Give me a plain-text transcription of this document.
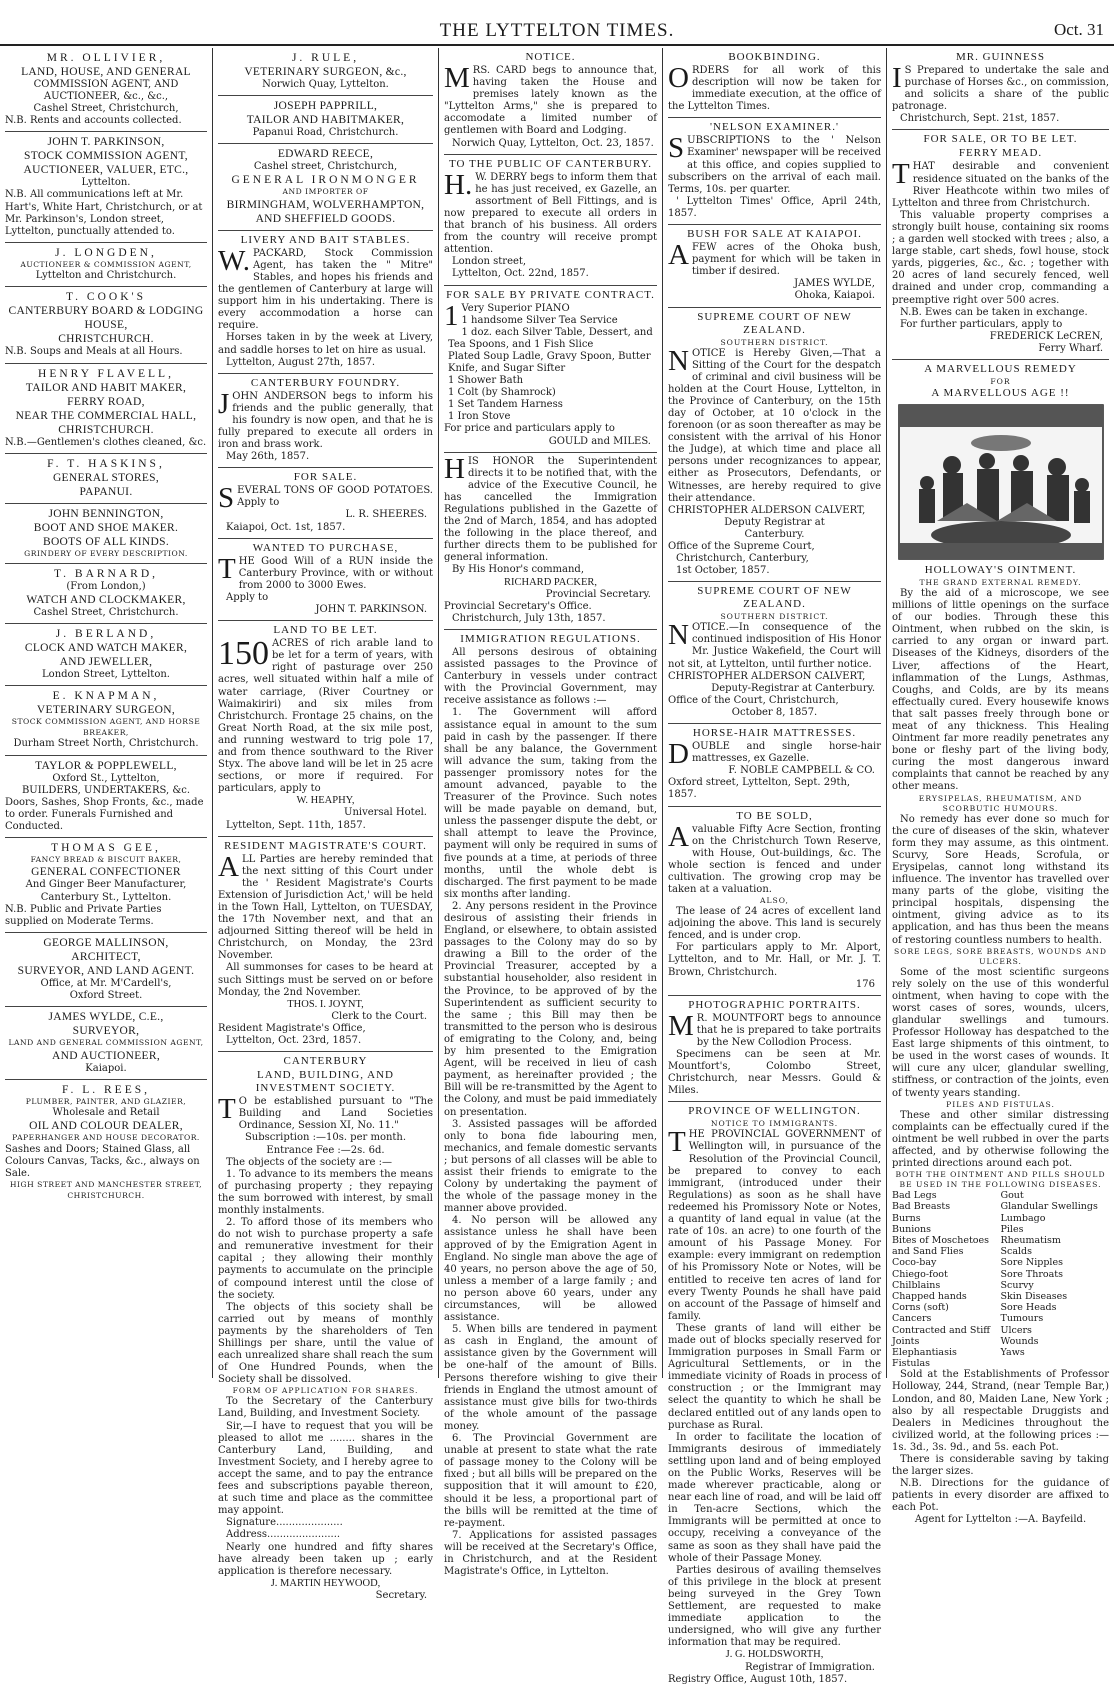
THE LYTTELTON TIMES.	Oct. 31
MR. OLLIVIER,
LAND, HOUSE, AND GENERAL
COMMISSION AGENT, AND AUCTIONEER, &c., &c.,
Cashel Street, Christchurch,
N.B. Rents and accounts collected.
JOHN T. PARKINSON,
STOCK COMMISSION AGENT,
AUCTIONEER, VALUER, ETC.,
Lyttelton.
N.B. All communications left at Mr. Hart's, White Hart, Christchurch, or at Mr. Parkinson's, London street, Lyttelton, punctually attended to.
J. LONGDEN,
AUCTIONEER & COMMISSION AGENT,
Lyttelton and Christchurch.
T. COOK'S
CANTERBURY BOARD & LODGING
HOUSE,
CHRISTCHURCH.
N.B. Soups and Meals at all Hours.
HENRY FLAVELL,
TAILOR AND HABIT MAKER,
FERRY ROAD,
NEAR THE COMMERCIAL HALL,
CHRISTCHURCH.
N.B.—Gentlemen's clothes cleaned, &c.
F. T. HASKINS,
GENERAL STORES,
PAPANUI.
JOHN BENNINGTON,
BOOT AND SHOE MAKER.
BOOTS OF ALL KINDS.
GRINDERY OF EVERY DESCRIPTION.
T. BARNARD,
(From London,)
WATCH AND CLOCKMAKER,
Cashel Street, Christchurch.
J. BERLAND,
CLOCK AND WATCH MAKER,
AND JEWELLER,
London Street, Lyttelton.
E. KNAPMAN,
VETERINARY SURGEON,
STOCK COMMISSION AGENT, AND HORSE BREAKER,
Durham Street North, Christchurch.
TAYLOR & POPPLEWELL,
Oxford St., Lyttelton,
BUILDERS, UNDERTAKERS, &c.
Doors, Sashes, Shop Fronts, &c., made to order. Funerals Furnished and Conducted.
THOMAS GEE,
FANCY BREAD & BISCUIT BAKER,
GENERAL CONFECTIONER
And Ginger Beer Manufacturer,
Canterbury St., Lyttelton.
N.B. Public and Private Parties supplied on Moderate Terms.
GEORGE MALLINSON,
ARCHITECT,
SURVEYOR, AND LAND AGENT.
Office, at Mr. M'Cardell's,
Oxford Street.
JAMES WYLDE, C.E.,
SURVEYOR,
LAND AND GENERAL COMMISSION AGENT,
AND AUCTIONEER,
Kaiapoi.
F. L. REES,
PLUMBER, PAINTER, AND GLAZIER,
Wholesale and Retail
OIL AND COLOUR DEALER,
PAPERHANGER AND HOUSE DECORATOR.
Sashes and Doors; Stained Glass, all Colours Canvas, Tacks, &c., always on Sale.
HIGH STREET AND MANCHESTER STREET, CHRISTCHURCH.
J. RULE,
VETERINARY SURGEON, &c.,
Norwich Quay, Lyttelton.
JOSEPH PAPPRILL,
TAILOR AND HABITMAKER,
Papanui Road, Christchurch.
EDWARD REECE,
Cashel street, Christchurch,
GENERAL IRONMONGER
AND IMPORTER OF
BIRMINGHAM, WOLVERHAMPTON,
AND SHEFFIELD GOODS.
LIVERY AND BAIT STABLES.
W. PACKARD, Stock Commission Agent, has taken the " Mitre" Stables, and hopes his friends and the gentlemen of Canterbury at large will support him in his undertaking. There is every accommodation a horse can require.

Horses taken in by the week at Livery, and saddle horses to let on hire as usual.

Lyttelton, August 27th, 1857.

CANTERBURY FOUNDRY.
JOHN ANDERSON begs to inform his friends and the public generally, that his foundry is now open, and that he is fully prepared to execute all orders in iron and brass work.

May 26th, 1857.

FOR SALE.
SEVERAL TONS OF GOOD POTATOES. Apply to
L. R. SHEERES.

Kaiapoi, Oct. 1st, 1857.

WANTED TO PURCHASE,
THE Good Will of a RUN inside the Canterbury Province, with or without from 2000 to 3000 Ewes.

Apply to

JOHN T. PARKINSON.
LAND TO BE LET.
150 ACRES of rich arable land to be let for a term of years, with right of pasturage over 250 acres, well situated within half a mile of water carriage, (River Courtney or Waimakiriri) and six miles from Christchurch. Frontage 25 chains, on the Great North Road, at the six mile post, and running westward to trig pole 17, and from thence southward to the River Styx. The above land will be let in 25 acre sections, or more if required. For particulars, apply to
W. HEAPHY,
Universal Hotel.

Lyttelton, Sept. 11th, 1857.

RESIDENT MAGISTRATE'S COURT.
ALL Parties are hereby reminded that the next sitting of this Court under the ' Resident Magistrate's Courts Extension of Jurisdiction Act,' will be held in the Town Hall, Lyttelton, on TUESDAY, the 17th November next, and that an adjourned Sitting thereof will be held in Christchurch, on Monday, the 23rd November.

All summonses for cases to be heard at such Sittings must be served on or before Monday, the 2nd November.

THOS. I. JOYNT,
Clerk to the Court.
Resident Magistrate's Office,

Lyttelton, Oct. 23rd, 1857.

CANTERBURY
LAND, BUILDING, AND INVESTMENT SOCIETY.
T O be established pursuant to "The Building and Land Societies Ordinance, Session XI, No. 11."
Subscription :—10s. per month.
Entrance Fee :—2s. 6d.

The objects of the society are :—

1. To advance to its members the means of purchasing property ; they repaying the sum borrowed with interest, by small monthly instalments.

2. To afford those of its members who do not wish to purchase property a safe and remunerative investment for their capital ; they allowing their monthly payments to accumulate on the principle of compound interest until the close of the society.

The objects of this society shall be carried out by means of monthly payments by the shareholders of Ten Shillings per share, until the value of each unrealized share shall reach the sum of One Hundred Pounds, when the Society shall be dissolved.

FORM OF APPLICATION FOR SHARES.

To the Secretary of the Canterbury Land, Building, and Investment Society.

Sir,—I have to request that you will be pleased to allot me ........ shares in the Canterbury Land, Building, and Investment Society, and I hereby agree to accept the same, and to pay the entrance fees and subscriptions payable thereon, at such time and place as the committee may appoint.

Signature.....................

Address.......................

Nearly one hundred and fifty shares have already been taken up ; early application is therefore necessary.

J. MARTIN HEYWOOD,
Secretary.
NOTICE.
MRS. CARD begs to announce that, having taken the House and premises lately known as the "Lyttelton Arms," she is prepared to accomodate a limited number of gentlemen with Board and Lodging.

Norwich Quay, Lyttelton, Oct. 23, 1857.

TO THE PUBLIC OF CANTERBURY.
H. W. DERRY begs to inform them that he has just received, ex Gazelle, an assortment of Bell Fittings, and is now prepared to execute all orders in that branch of his business. All orders from the country will receive prompt attention.

London street,

Lyttelton, Oct. 22nd, 1857.

FOR SALE BY PRIVATE CONTRACT.
1 Very Superior PIANO
1 handsome Silver Tea Service
1 doz. each Silver Table, Dessert, and Tea Spoons, and 1 Fish Slice
Plated Soup Ladle, Gravy Spoon, Butter Knife, and Sugar Sifter
1 Shower Bath
1 Colt (by Shamrock)
1 Set Tandem Harness
1 Iron Stove
For price and particulars apply to
GOULD and MILES.
HIS HONOR the Superintendent directs it to be notified that, with the advice of the Executive Council, he has cancelled the Immigration Regulations published in the Gazette of the 2nd of March, 1854, and has adopted the following in the place thereof, and further directs them to be published for general information.

By His Honor's command,

RICHARD PACKER,
Provincial Secretary.
Provincial Secretary's Office.

Christchurch, July 13th, 1857.

IMMIGRATION REGULATIONS.

All persons desirous of obtaining assisted passages to the Province of Canterbury in vessels under contract with the Provincial Government, may receive assistance as follows :—

1. The Government will afford assistance equal in amount to the sum paid in cash by the passenger. If there shall be any balance, the Government will advance the sum, taking from the passenger promissory notes for the amount advanced, payable to the Treasurer of the Province. Such notes will be made payable on demand, but, unless the passenger dispute the debt, or shall attempt to leave the Province, payment will only be required in sums of five pounds at a time, at periods of three months, until the whole debt is discharged. The first payment to be made six months after landing.

2. Any persons resident in the Province desirous of assisting their friends in England, or elsewhere, to obtain assisted passages to the Colony may do so by drawing a Bill to the order of the Provincial Treasurer, accepted by a substantial householder, also resident in the Province, to be approved of by the Superintendent as sufficient security to the same ; this Bill may then be transmitted to the person who is desirous of emigrating to the Colony, and, being by him presented to the Emigration Agent, will be received in lieu of cash payment, as hereinafter provided ; the Bill will be re-transmitted by the Agent to the Colony, and must be paid immediately on presentation.

3. Assisted passages will be afforded only to bona fide labouring men, mechanics, and female domestic servants ; but persons of all classes will be able to assist their friends to emigrate to the Colony by undertaking the payment of the whole of the passage money in the manner above provided.

4. No person will be allowed any assistance unless he shall have been approved of by the Emigration Agent in England. No single man above the age of 40 years, no person above the age of 50, unless a member of a large family ; and no person above 60 years, under any circumstances, will be allowed assistance.

5. When bills are tendered in payment as cash in England, the amount of assistance given by the Government will be one-half of the amount of Bills. Persons therefore wishing to give their friends in England the utmost amount of assistance must give bills for two-thirds of the whole amount of the passage money.

6. The Provincial Government are unable at present to state what the rate of passage money to the Colony will be fixed ; but all bills will be prepared on the supposition that it will amount to £20, should it be less, a proportional part of the bills will be remitted at the time of re-payment.

7. Applications for assisted passages will be received at the Secretary's Office, in Christchurch, and at the Resident Magistrate's Office, in Lyttelton.

BOOKBINDING.
ORDERS for all work of this description will now be taken for immediate execution, at the office of the Lyttelton Times.
'NELSON EXAMINER.'
SUBSCRIPTIONS to the ' Nelson Examiner' newspaper will be received at this office, and copies supplied to subscribers on the arrival of each mail. Terms, 10s. per quarter.

' Lyttelton Times' Office, April 24th, 1857.

BUSH FOR SALE AT KAIAPOI.
AFEW acres of the Ohoka bush, payment for which will be taken in timber if desired.
JAMES WYLDE,
Ohoka, Kaiapoi.
SUPREME COURT OF NEW ZEALAND.
SOUTHERN DISTRICT.
NOTICE is Hereby Given,—That a Sitting of the Court for the despatch of criminal and civil business will be holden at the Court House, Lyttelton, in the Province of Canterbury, on the 15th day of October, at 10 o'clock in the forenoon (or as soon thereafter as may be consistent with the arrival of his Honor the Judge), at which time and place all persons under recognizances to appear, either as Prosecutors, Defendants, or Witnesses, are hereby required to give their attendance.
CHRISTOPHER ALDERSON CALVERT,
Deputy Registrar at
Canterbury.
Office of the Supreme Court,

Christchurch, Canterbury,

1st October, 1857.

SUPREME COURT OF NEW ZEALAND.
SOUTHERN DISTRICT.
NOTICE.—In consequence of the continued indisposition of His Honor Mr. Justice Wakefield, the Court will not sit, at Lyttelton, until further notice.
CHRISTOPHER ALDERSON CALVERT,
Deputy-Registrar at Canterbury.
Office of the Court, Christchurch,
October 8, 1857.
HORSE-HAIR MATTRESSES.
DOUBLE and single horse-hair mattresses, ex Gazelle.
F. NOBLE CAMPBELL & CO.
Oxford street, Lyttelton, Sept. 29th, 1857.
TO BE SOLD,
Avaluable Fifty Acre Section, fronting on the Christchurch Town Reserve, with House, Out-buildings, &c. The whole section is fenced and under cultivation. The growing crop may be taken at a valuation.
ALSO,

The lease of 24 acres of excellent land adjoining the above. This land is securely fenced, and is under crop.

For particulars apply to Mr. Alport, Lyttelton, and to Mr. Hall, or Mr. J. T. Brown, Christchurch.

176
PHOTOGRAPHIC PORTRAITS.
M R. MOUNTFORT begs to announce that he is prepared to take portraits by the New Collodion Process.

Specimens can be seen at Mr. Mountfort's, Colombo Street, Christchurch, near Messrs. Gould & Miles.

PROVINCE OF WELLINGTON.
NOTICE TO IMMIGRANTS.
THE PROVINCIAL GOVERNMENT of Wellington will, in pursuance of the Resolution of the Provincial Council, be prepared to convey to each immigrant, (introduced under their Regulations) as soon as he shall have redeemed his Promissory Note or Notes, a quantity of land equal in value (at the rate of 10s. an acre) to one fourth of the amount of his Passage Money. For example: every immigrant on redemption of his Promissory Note or Notes, will be entitled to receive ten acres of land for every Twenty Pounds he shall have paid on account of the Passage of himself and family.

These grants of land will either be made out of blocks specially reserved for Immigration purposes in Small Farm or Agricultural Settlements, or in the immediate vicinity of Roads in process of construction ; or the Immigrant may select the quantity to which he shall be declared entitled out of any lands open to purchase as Rural.

In order to facilitate the location of Immigrants desirous of immediately settling upon land and of being employed on the Public Works, Reserves will be made wherever practicable, along or near each line of road, and will be laid off in Ten-acre Sections, which the Immigrants will be permitted at once to occupy, receiving a conveyance of the same as soon as they shall have paid the whole of their Passage Money.

Parties desirous of availing themselves of this privilege in the block at present being surveyed in the Grey Town Settlement, are requested to make immediate application to the undersigned, who will give any further information that may be required.

J. G. HOLDSWORTH,
Registrar of Immigration.
Registry Office, August 10th, 1857.
MR. GUINNESS
I S Prepared to undertake the sale and purchase of Horses &c., on commission, and solicits a share of the public patronage.

Christchurch, Sept. 21st, 1857.

FOR SALE, OR TO BE LET.
FERRY MEAD.
THAT desirable and convenient residence situated on the banks of the River Heathcote within two miles of Lyttelton and three from Christchurch.

This valuable property comprises a strongly built house, containing six rooms ; a garden well stocked with trees ; also, a large stable, cart sheds, fowl house, stock yards, piggeries, &c., &c. ; together with 20 acres of land securely fenced, well drained and under crop, commanding a preemptive right over 500 acres.

N.B. Ewes can be taken in exchange.

For further particulars, apply to

FREDERICK LeCREN,
Ferry Wharf.
A MARVELLOUS REMEDY
FOR
A MARVELLOUS AGE !!
HOLLOWAY'S OINTMENT.
THE GRAND EXTERNAL REMEDY.

By the aid of a microscope, we see millions of little openings on the surface of our bodies. Through these this Ointment, when rubbed on the skin, is carried to any organ or inward part. Diseases of the Kidneys, disorders of the Liver, affections of the Heart, inflammation of the Lungs, Asthmas, Coughs, and Colds, are by its means effectually cured. Every housewife knows that salt passes freely through bone or meat of any thickness. This Healing Ointment far more readily penetrates any bone or fleshy part of the living body, curing the most dangerous inward complaints that cannot be reached by any other means.

ERYSIPELAS, RHEUMATISM, AND SCORBUTIC HUMOURS.

No remedy has ever done so much for the cure of diseases of the skin, whatever form they may assume, as this ointment. Scurvy, Sore Heads, Scrofula, or Erysipelas, cannot long withstand its influence. The inventor has travelled over many parts of the globe, visiting the principal hospitals, dispensing the ointment, giving advice as to its application, and has thus been the means of restoring countless numbers to health.

SORE LEGS, SORE BREASTS, WOUNDS AND ULCERS.

Some of the most scientific surgeons rely solely on the use of this wonderful ointment, when having to cope with the worst cases of sores, wounds, ulcers, glandular swellings and tumours. Professor Holloway has despatched to the East large shipments of this ointment, to be used in the worst cases of wounds. It will cure any ulcer, glandular swelling, stiffness, or contraction of the joints, even of twenty years standing.

PILES AND FISTULAS.

These and other similar distressing complaints can be effectually cured if the ointment be well rubbed in over the parts affected, and by otherwise following the printed directions around each pot.

BOTH THE OINTMENT AND PILLS SHOULD BE USED IN THE FOLLOWING DISEASES.
Bad Legs
Bad Breasts
Burns
Bunions
Bites of Moschetoes and Sand Flies
Coco-bay
Chiego-foot
Chilblains
Chapped hands
Corns (soft)
Cancers
Contracted and Stiff Joints
Elephantiasis
Fistulas
Gout
Glandular Swellings
Lumbago
Piles
Rheumatism
Scalds
Sore Nipples
Sore Throats
Scurvy
Skin Diseases
Sore Heads
Tumours
Ulcers
Wounds
Yaws

Sold at the Establishments of Professor Holloway, 244, Strand, (near Temple Bar,) London, and 80, Maiden Lane, New York ; also by all respectable Druggists and Dealers in Medicines throughout the civilized world, at the following prices :— 1s. 3d., 3s. 9d., and 5s. each Pot.

There is considerable saving by taking the larger sizes.

N.B. Directions for the guidance of patients in every disorder are affixed to each Pot.

Agent for Lyttelton :—A. Bayfeild.
